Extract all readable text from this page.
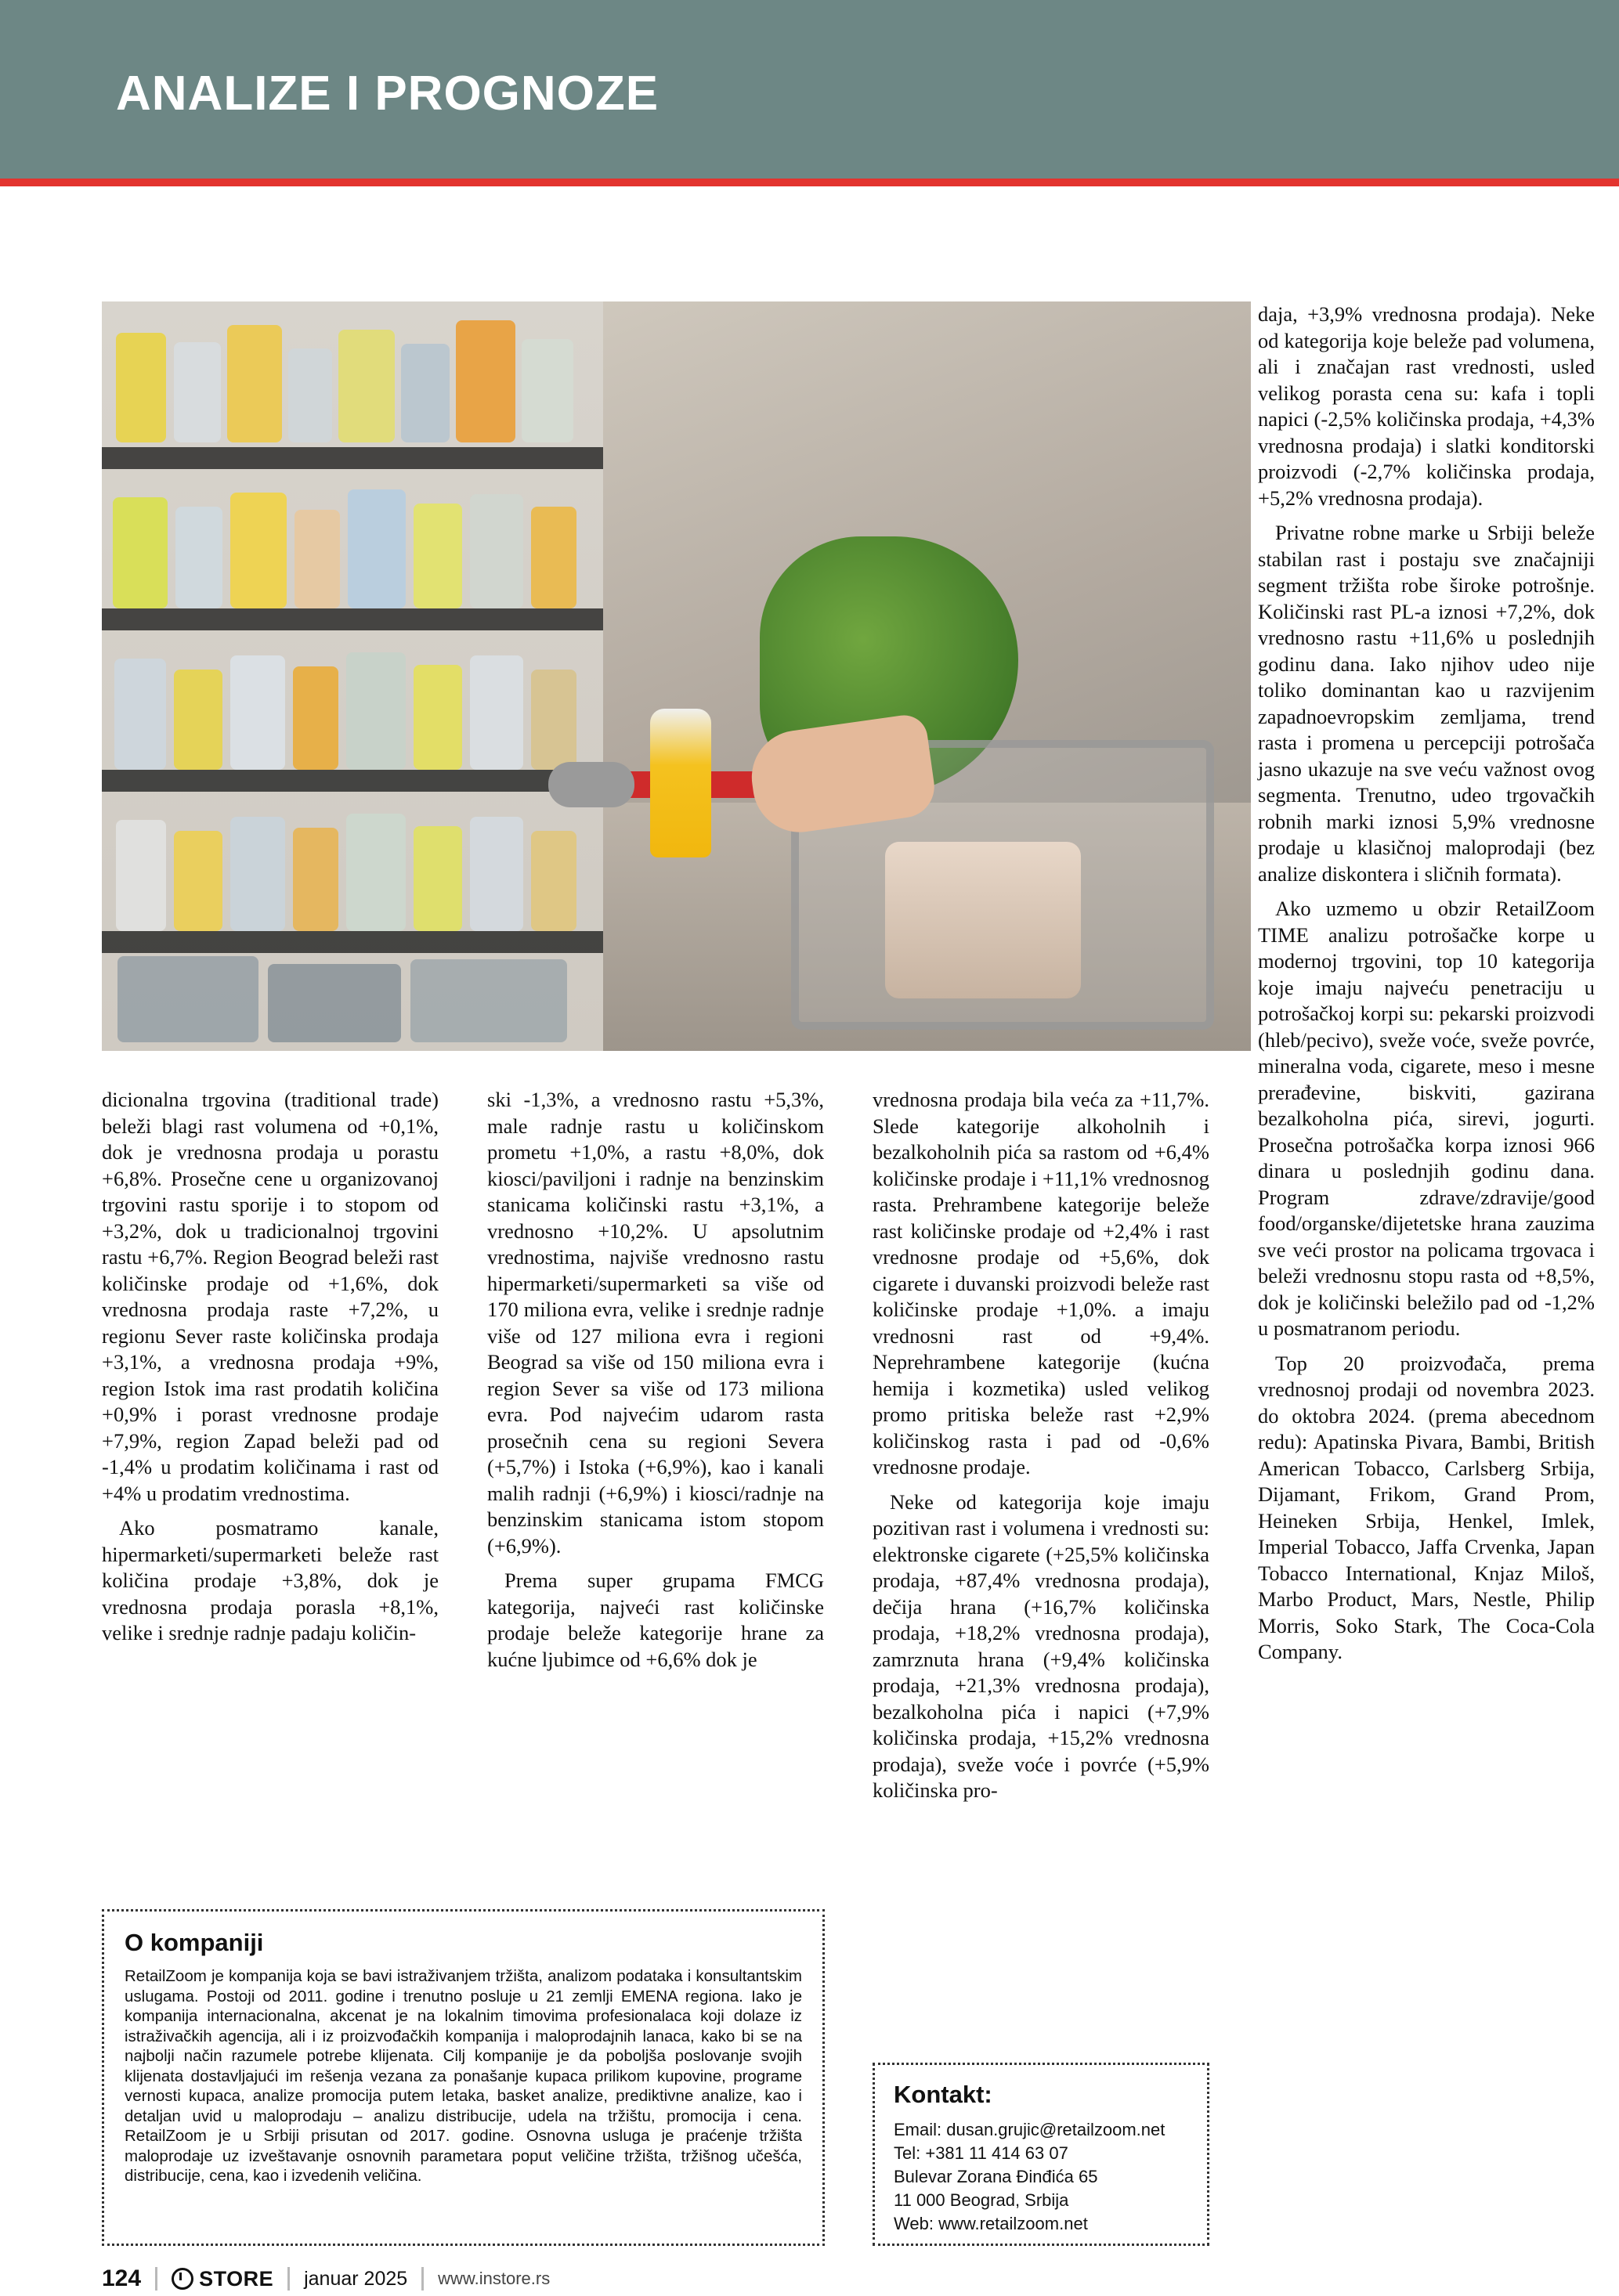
ANALIZE I PROGNOZE

dicionalna trgovina (traditional trade) beleži blagi rast volumena od +0,1%, dok je vrednosna prodaja u porastu +6,8%. Prosečne cene u organizovanoj trgovini rastu sporije i to stopom od +3,2%, dok u tradicionalnoj trgovini rastu +6,7%. Region Beograd beleži rast količinske prodaje od +1,6%, dok vrednosna prodaja raste +7,2%, u regionu Sever raste količinska prodaja +3,1%, a vrednosna prodaja +9%, region Istok ima rast prodatih količina +0,9% i porast vrednosne prodaje +7,9%, region Zapad beleži pad od -1,4% u prodatim količinama i rast od +4% u prodatim vrednostima.

Ako posmatramo kanale, hipermarketi/supermarketi beleže rast količina prodaje +3,8%, dok je vrednosna prodaja porasla +8,1%, velike i srednje radnje padaju količin-

ski -1,3%, a vrednosno rastu +5,3%, male radnje rastu u količinskom prometu +1,0%, a rastu +8,0%, dok kiosci/paviljoni i radnje na benzinskim stanicama količinski rastu +3,1%, a vrednosno +10,2%. U apsolutnim vrednostima, najviše vrednosno rastu hipermarketi/supermarketi sa više od 170 miliona evra, velike i srednje radnje više od 127 miliona evra i regioni Beograd sa više od 150 miliona evra i region Sever sa više od 173 miliona evra. Pod najvećim udarom rasta prosečnih cena su regioni Severa (+5,7%) i Istoka (+6,9%), kao i kanali malih radnji (+6,9%) i kiosci/radnje na benzinskim stanicama istom stopom (+6,9%).

Prema super grupama FMCG kategorija, najveći rast količinske prodaje beleže kategorije hrane za kućne ljubimce od +6,6% dok je

vrednosna prodaja bila veća za +11,7%. Slede kategorije alkoholnih i bezalkoholnih pića sa rastom od +6,4% količinske prodaje i +11,1% vrednosnog rasta. Prehrambene kategorije beleže rast količinske prodaje od +2,4% i rast vrednosne prodaje od +5,6%, dok cigarete i duvanski proizvodi beleže rast količinske prodaje +1,0%. a imaju vrednosni rast od +9,4%. Neprehrambene kategorije (kućna hemija i kozmetika) usled velikog promo pritiska beleže rast +2,9% količinskog rasta i pad od -0,6% vrednosne prodaje.

Neke od kategorija koje imaju pozitivan rast i volumena i vrednosti su: elektronske cigarete (+25,5% količinska prodaja, +87,4% vrednosna prodaja), dečija hrana (+16,7% količinska prodaja, +18,2% vrednosna prodaja), zamrznuta hrana (+9,4% količinska prodaja, +21,3% vrednosna prodaja), bezalkoholna pića i napici (+7,9% količinska prodaja, +15,2% vrednosna prodaja), sveže voće i povrće (+5,9% količinska pro-

daja, +3,9% vrednosna prodaja). Neke od kategorija koje beleže pad volumena, ali i značajan rast vrednosti, usled velikog porasta cena su: kafa i topli napici (-2,5% količinska prodaja, +4,3% vrednosna prodaja) i slatki konditorski proizvodi (-2,7% količinska prodaja, +5,2% vrednosna prodaja).

Privatne robne marke u Srbiji beleže stabilan rast i postaju sve značajniji segment tržišta robe široke potrošnje. Količinski rast PL-a iznosi +7,2%, dok vrednosno rastu +11,6% u poslednjih godinu dana. Iako njihov udeo nije toliko dominantan kao u razvijenim zapadnoevropskim zemljama, trend rasta i promena u percepciji potrošača jasno ukazuje na sve veću važnost ovog segmenta. Trenutno, udeo trgovačkih robnih marki iznosi 5,9% vrednosne prodaje u klasičnoj maloprodaji (bez analize diskontera i sličnih formata).

Ako uzmemo u obzir RetailZoom TIME analizu potrošačke korpe u modernoj trgovini, top 10 kategorija koje imaju najveću penetraciju u potrošačkoj korpi su: pekarski proizvodi (hleb/pecivo), sveže voće, sveže povrće, mineralna voda, cigarete, meso i mesne prerađevine, biskviti, gazirana bezalkoholna pića, sirevi, jogurti. Prosečna potrošačka korpa iznosi 966 dinara u poslednjih godinu dana. Program zdrave/zdravije/good food/organske/dijetetske hrana zauzima sve veći prostor na policama trgovaca i beleži vrednosnu stopu rasta od +8,5%, dok je količinski beležilo pad od -1,2% u posmatranom periodu.

Top 20 proizvođača, prema vrednosnoj prodaji od novembra 2023. do oktobra 2024. (prema abecednom redu): Apatinska Pivara, Bambi, British American Tobacco, Carlsberg Srbija, Dijamant, Frikom, Grand Prom, Heineken Srbija, Henkel, Imlek, Imperial Tobacco, Jaffa Crvenka, Japan Tobacco International, Knjaz Miloš, Marbo Product, Mars, Nestle, Philip Morris, Soko Stark, The Coca-Cola Company.

O kompaniji
RetailZoom je kompanija koja se bavi istraživanjem tržišta, analizom podataka i konsultantskim uslugama. Postoji od 2011. godine i trenutno posluje u 21 zemlji EMENA regiona. Iako je kompanija internacionalna, akcenat je na lokalnim timovima profesionalaca koji dolaze iz istraživačkih agencija, ali i iz proizvođačkih kompanija i maloprodajnih lanaca, kako bi se na najbolji način razumele potrebe klijenata. Cilj kompanije je da poboljša poslovanje svojih klijenata dostavljajući im rešenja vezana za ponašanje kupaca prilikom kupovine, programe vernosti kupaca, analize promocija putem letaka, basket analize, prediktivne analize, kao i detaljan uvid u maloprodaju – analizu distribucije, udela na tržištu, promocija i cena. RetailZoom je u Srbiji prisutan od 2017. godine. Osnovna usluga je praćenje tržišta maloprodaje uz izveštavanje osnovnih parametara poput veličine tržišta, tržišnog učešća, distribucije, cena, kao i izvedenih veličina.
Kontakt:
Email: dusan.grujic@retailzoom.net
Tel: +381 11 414 63 07
Bulevar Zorana Đinđića 65
11 000 Beograd, Srbija
Web: www.retailzoom.net
124	STORE januar 2025 www.instore.rs
